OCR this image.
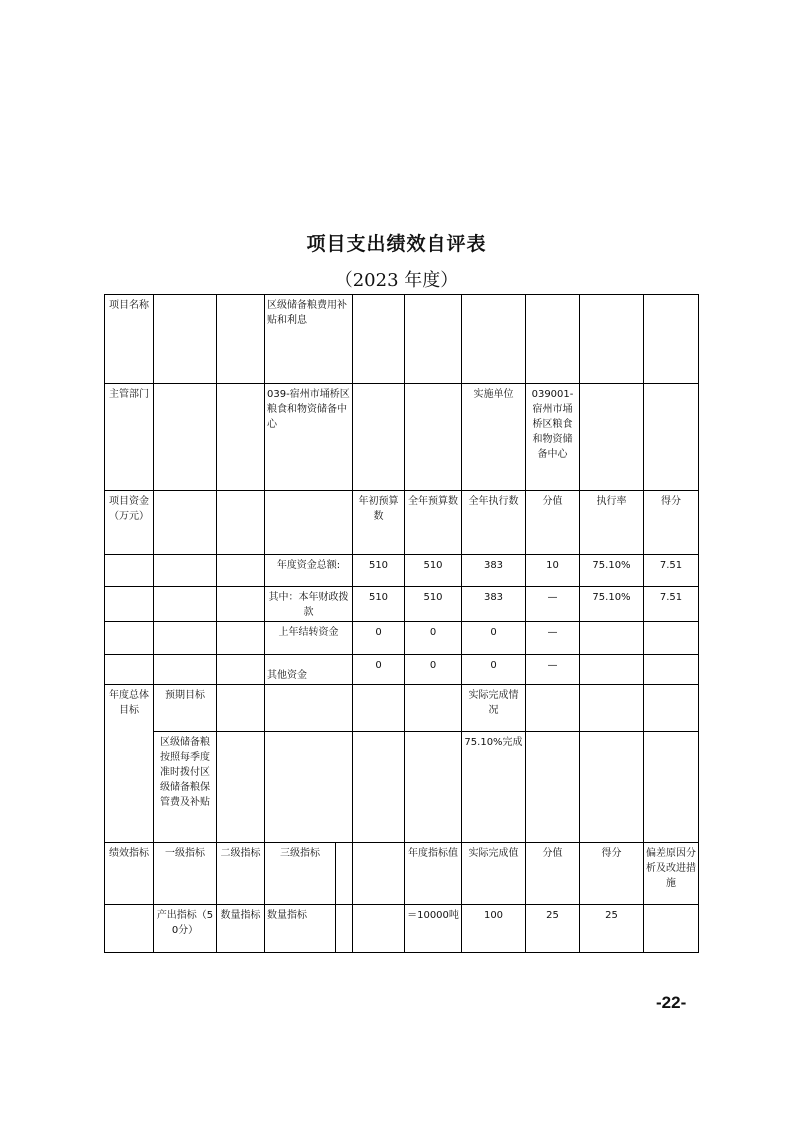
项目支出绩效自评表
（2023 年度）
项目名称			区级储备粮费用补贴和利息							
主管部门			039-宿州市埇桥区粮食和物资储备中心				实施单位	039001-宿州市埇桥区粮食和物资储备中心		
项目资金（万元）					年初预算数	全年预算数	全年执行数	分值	执行率	得分
			年度资金总额:		510	510	383	10	75.10%	7.51
			其中：本年财政拨款		510	510	383	—	75.10%	7.51
			上年结转资金		0	0	0	—		
			其他资金		0	0	0	—		
年度总体目标	预期目标						实际完成情况			
	区级储备粮按照每季度准时拨付区级储备粮保管费及补贴						75.10%完成			
绩效指标	一级指标	二级指标	三级指标			年度指标值	实际完成值	分值	得分	偏差原因分析及改进措施
	产出指标（50分）	数量指标	数量指标			＝10000吨	100	25	25	
-22-
